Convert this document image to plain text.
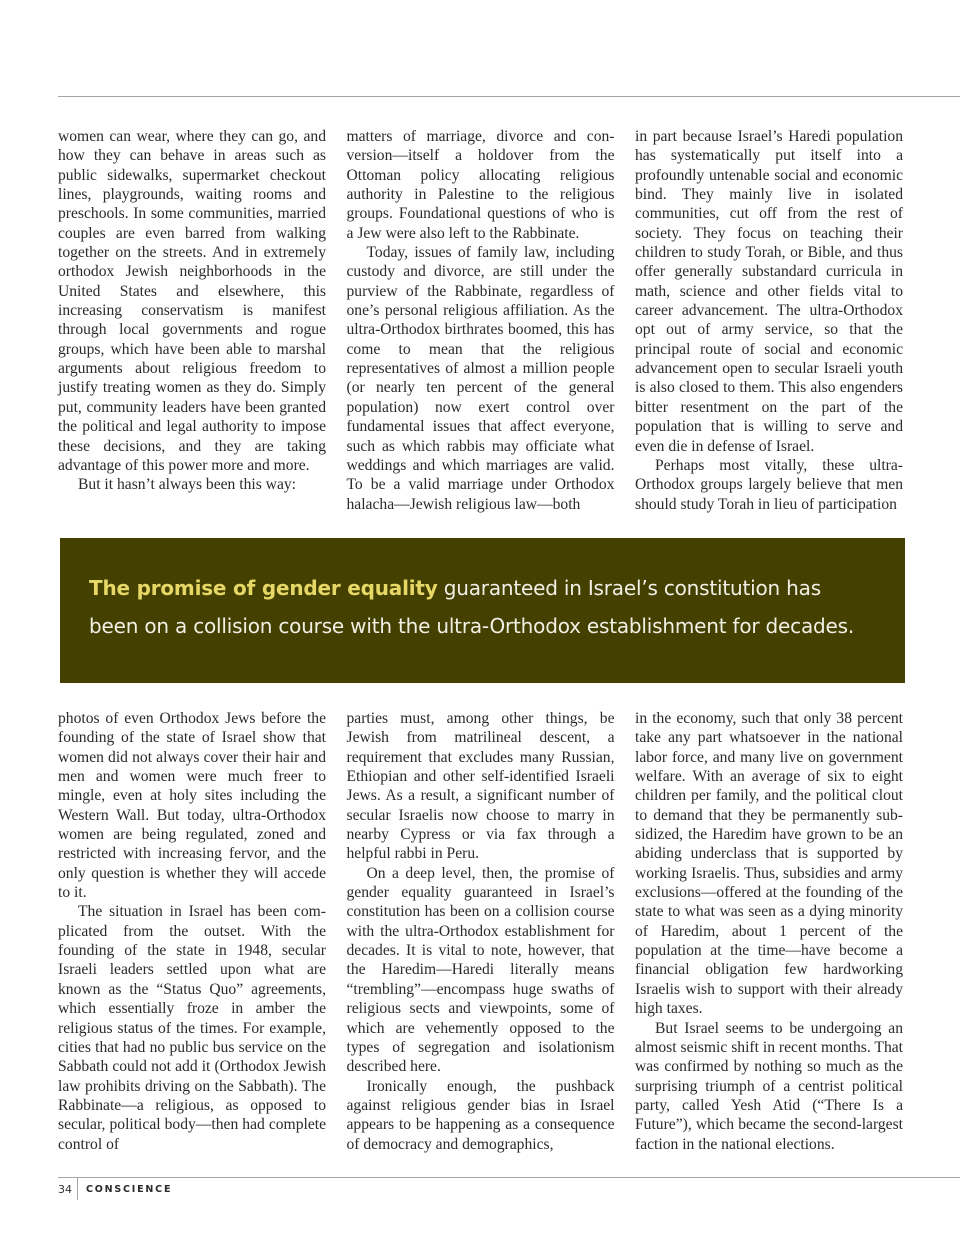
women can wear, where they can go, and how they can behave in areas such as public sidewalks, supermarket checkout lines, playgrounds, waiting rooms and preschools. In some communities, married couples are even barred from walking together on the streets. And in extremely orthodox Jewish neighborhoods in the United States and elsewhere, this increasing conservatism is manifest through local governments and rogue groups, which have been able to marshal arguments about religious freedom to justify treating women as they do. Simply put, community leaders have been granted the political and legal authority to impose these decisions, and they are taking advantage of this power more and more.

But it hasn’t always been this way:

matters of marriage, divorce and conversion—itself a holdover from the Ottoman policy allocating religious authority in Palestine to the religious groups. Foundational questions of who is a Jew were also left to the Rabbinate.

Today, issues of family law, including custody and divorce, are still under the purview of the Rabbinate, regardless of one’s personal religious affiliation. As the ultra-Orthodox birthrates boomed, this has come to mean that the religious representatives of almost a million people (or nearly ten percent of the general population) now exert control over fundamental issues that affect everyone, such as which rabbis may officiate what weddings and which marriages are valid. To be a valid marriage under Orthodox halacha—Jewish religious law—both

in part because Israel’s Haredi population has systematically put itself into a profoundly untenable social and economic bind. They mainly live in isolated communities, cut off from the rest of society. They focus on teaching their children to study Torah, or Bible, and thus offer generally substandard curricula in math, science and other fields vital to career advancement. The ultra-Orthodox opt out of army service, so that the principal route of social and economic advancement open to secular Israeli youth is also closed to them. This also engenders bitter resentment on the part of the population that is willing to serve and even die in defense of Israel.

Perhaps most vitally, these ultra-Orthodox groups largely believe that men should study Torah in lieu of participation

The promise of gender equality guaranteed in Israel’s constitution has been on a collision course with the ultra-Orthodox establishment for decades.

photos of even Orthodox Jews before the founding of the state of Israel show that women did not always cover their hair and men and women were much freer to mingle, even at holy sites including the Western Wall. But today, ultra-Orthodox women are being regulated, zoned and restricted with increasing fervor, and the only question is whether they will accede to it.

The situation in Israel has been complicated from the outset. With the founding of the state in 1948, secular Israeli leaders settled upon what are known as the “Status Quo” agreements, which essentially froze in amber the religious status of the times. For example, cities that had no public bus service on the Sabbath could not add it (Orthodox Jewish law prohibits driving on the Sabbath). The Rabbinate—a religious, as opposed to secular, political body—then had complete control of

parties must, among other things, be Jewish from matrilineal descent, a requirement that excludes many Russian, Ethiopian and other self-identified Israeli Jews. As a result, a significant number of secular Israelis now choose to marry in nearby Cypress or via fax through a helpful rabbi in Peru.

On a deep level, then, the promise of gender equality guaranteed in Israel’s constitution has been on a collision course with the ultra-Orthodox establishment for decades. It is vital to note, however, that the Haredim—Haredi literally means “trembling”—encompass huge swaths of religious sects and viewpoints, some of which are vehemently opposed to the types of segregation and isolationism described here.

Ironically enough, the pushback against religious gender bias in Israel appears to be happening as a consequence of democracy and demographics,

in the economy, such that only 38 percent take any part whatsoever in the national labor force, and many live on government welfare. With an average of six to eight children per family, and the political clout to demand that they be permanently subsidized, the Haredim have grown to be an abiding underclass that is supported by working Israelis. Thus, subsidies and army exclusions—offered at the founding of the state to what was seen as a dying minority of Haredim, about 1 percent of the population at the time—have become a financial obligation few hardworking Israelis wish to support with their already high taxes.

But Israel seems to be undergoing an almost seismic shift in recent months. That was confirmed by nothing so much as the surprising triumph of a centrist political party, called Yesh Atid (“There Is a Future”), which became the second-largest faction in the national elections.

34	CONSCIENCE
